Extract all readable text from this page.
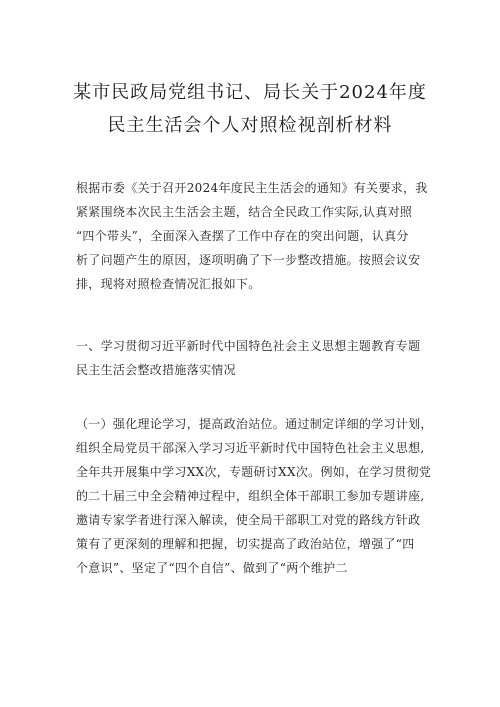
某市民政局党组书记、局长关于2024年度
民主生活会个人对照检视剖析材料
根据市委《关于召开2024年度民主生活会的通知》有关要求，我
紧紧围绕本次民主生活会主题，结合全民政工作实际,认真对照
“四个带头”，全面深入查摆了工作中存在的突出问题，认真分
析了问题产生的原因，逐项明确了下一步整改措施。按照会议安
排，现将对照检查情况汇报如下。
一、学习贯彻习近平新时代中国特色社会主义思想主题教育专题
民主生活会整改措施落实情况
（一）强化理论学习，提高政治站位。通过制定详细的学习计划，
组织全局党员干部深入学习习近平新时代中国特色社会主义思想,
全年共开展集中学习XX次，专题研讨XX次。例如，在学习贯彻党
的二十届三中全会精神过程中，组织全体干部职工参加专题讲座,
邀请专家学者进行深入解读，使全局干部职工对党的路线方针政
策有了更深刻的理解和把握，切实提高了政治站位，增强了“四
个意识”、坚定了“四个自信”、做到了“两个维护二
